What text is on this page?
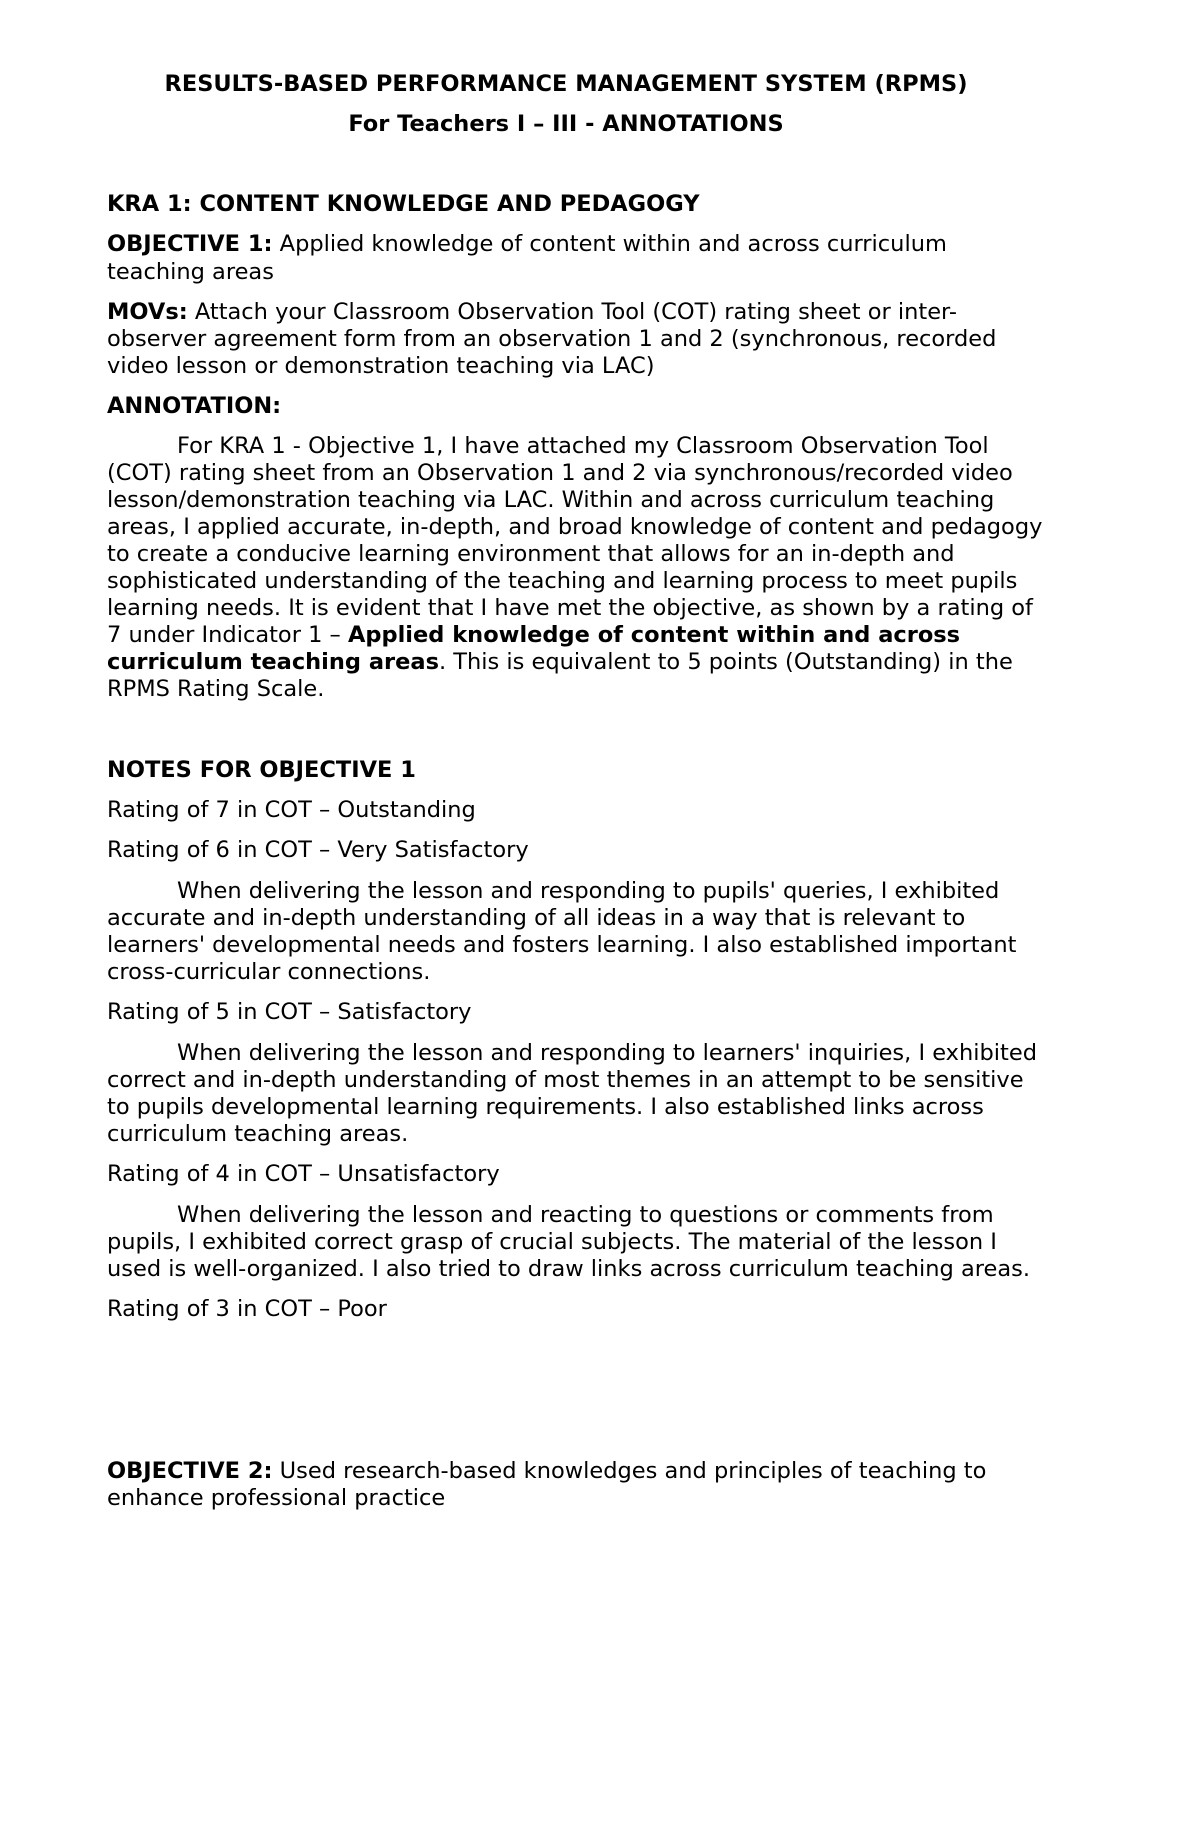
RESULTS-BASED PERFORMANCE MANAGEMENT SYSTEM (RPMS)
For Teachers I – III - ANNOTATIONS
KRA 1: CONTENT KNOWLEDGE AND PEDAGOGY
OBJECTIVE 1: Applied knowledge of content within and across curriculum
teaching areas
MOVs: Attach your Classroom Observation Tool (COT) rating sheet or inter-
observer agreement form from an observation 1 and 2 (synchronous, recorded
video lesson or demonstration teaching via LAC)
ANNOTATION:
For KRA 1 - Objective 1, I have attached my Classroom Observation Tool
(COT) rating sheet from an Observation 1 and 2 via synchronous/recorded video
lesson/demonstration teaching via LAC. Within and across curriculum teaching
areas, I applied accurate, in-depth, and broad knowledge of content and pedagogy
to create a conducive learning environment that allows for an in-depth and
sophisticated understanding of the teaching and learning process to meet pupils
learning needs. It is evident that I have met the objective, as shown by a rating of
7 under Indicator 1 – Applied knowledge of content within and across
curriculum teaching areas. This is equivalent to 5 points (Outstanding) in the
RPMS Rating Scale.
NOTES FOR OBJECTIVE 1
Rating of 7 in COT – Outstanding
Rating of 6 in COT – Very Satisfactory
When delivering the lesson and responding to pupils' queries, I exhibited
accurate and in-depth understanding of all ideas in a way that is relevant to
learners' developmental needs and fosters learning. I also established important
cross-curricular connections.
Rating of 5 in COT – Satisfactory
When delivering the lesson and responding to learners' inquiries, I exhibited
correct and in-depth understanding of most themes in an attempt to be sensitive
to pupils developmental learning requirements. I also established links across
curriculum teaching areas.
Rating of 4 in COT – Unsatisfactory
When delivering the lesson and reacting to questions or comments from
pupils, I exhibited correct grasp of crucial subjects. The material of the lesson I
used is well-organized. I also tried to draw links across curriculum teaching areas.
Rating of 3 in COT – Poor
OBJECTIVE 2: Used research-based knowledges and principles of teaching to
enhance professional practice
